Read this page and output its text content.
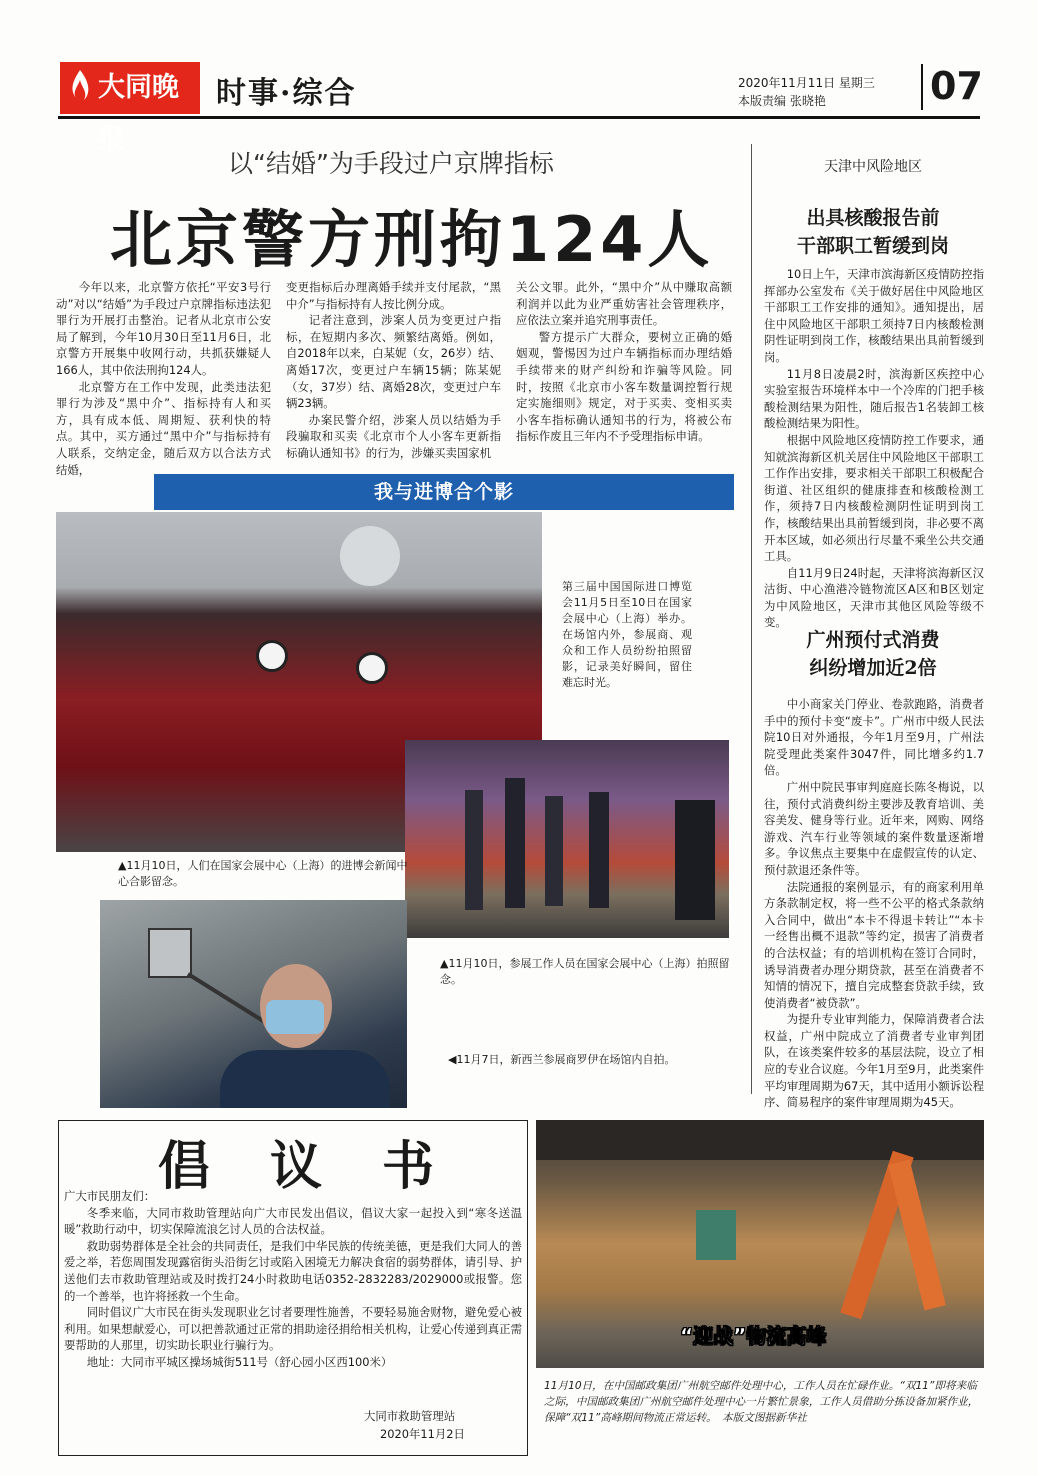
大同晚报
时事·综合	2020年11月11日 星期三
本版责编 张晓艳	07
以“结婚”为手段过户京牌指标
北京警方刑拘124人

今年以来，北京警方依托“平安3号行动”对以“结婚”为手段过户京牌指标违法犯罪行为开展打击整治。记者从北京市公安局了解到，今年10月30日至11月6日，北京警方开展集中收网行动，共抓获嫌疑人166人，其中依法刑拘124人。

北京警方在工作中发现，此类违法犯罪行为涉及“黑中介”、指标持有人和买方，具有成本低、周期短、获利快的特点。其中，买方通过“黑中介”与指标持有人联系，交纳定金，随后双方以合法方式结婚，

变更指标后办理离婚手续并支付尾款，“黑中介”与指标持有人按比例分成。

记者注意到，涉案人员为变更过户指标，在短期内多次、频繁结离婚。例如，自2018年以来，白某妮（女，26岁）结、离婚17次，变更过户车辆15辆；陈某妮（女，37岁）结、离婚28次，变更过户车辆23辆。

办案民警介绍，涉案人员以结婚为手段骗取和买卖《北京市个人小客车更新指标确认通知书》的行为，涉嫌买卖国家机

关公文罪。此外，“黑中介”从中赚取高额利润并以此为业严重妨害社会管理秩序，应依法立案并追究刑事责任。

警方提示广大群众，要树立正确的婚姻观，警惕因为过户车辆指标而办理结婚手续带来的财产纠纷和诈骗等风险。同时，按照《北京市小客车数量调控暂行规定实施细则》规定，对于买卖、变相买卖小客车指标确认通知书的行为，将被公布指标作废且三年内不予受理指标申请。

天津中风险地区
出具核酸报告前
干部职工暂缓到岗

10日上午，天津市滨海新区疫情防控指挥部办公室发布《关于做好居住中风险地区干部职工工作安排的通知》。通知提出，居住中风险地区干部职工须持7日内核酸检测阴性证明到岗工作，核酸结果出具前暂缓到岗。

11月8日凌晨2时，滨海新区疾控中心实验室报告环境样本中一个冷库的门把手核酸检测结果为阳性，随后报告1名装卸工核酸检测结果为阳性。

根据中风险地区疫情防控工作要求，通知就滨海新区机关居住中风险地区干部职工工作作出安排，要求相关干部职工积极配合街道、社区组织的健康排查和核酸检测工作，须持7日内核酸检测阴性证明到岗工作，核酸结果出具前暂缓到岗，非必要不离开本区域，如必须出行尽量不乘坐公共交通工具。

自11月9日24时起，天津将滨海新区汉沽街、中心渔港冷链物流区A区和B区划定为中风险地区，天津市其他区风险等级不变。

广州预付式消费
纠纷增加近2倍

中小商家关门停业、卷款跑路，消费者手中的预付卡变“废卡”。广州市中级人民法院10日对外通报，今年1月至9月，广州法院受理此类案件3047件，同比增多约1.7倍。

广州中院民事审判庭庭长陈冬梅说，以往，预付式消费纠纷主要涉及教育培训、美容美发、健身等行业。近年来，网购、网络游戏、汽车行业等领域的案件数量逐渐增多。争议焦点主要集中在虚假宣传的认定、预付款退还条件等。

法院通报的案例显示，有的商家利用单方条款制定权，将一些不公平的格式条款纳入合同中，做出“本卡不得退卡转让”“本卡一经售出概不退款”等约定，损害了消费者的合法权益；有的培训机构在签订合同时，诱导消费者办理分期贷款，甚至在消费者不知情的情况下，擅自完成整套贷款手续，致使消费者“被贷款”。

为提升专业审判能力，保障消费者合法权益，广州中院成立了消费者专业审判团队，在该类案件较多的基层法院，设立了相应的专业合议庭。今年1月至9月，此类案件平均审理周期为67天，其中适用小额诉讼程序、简易程序的案件审理周期为45天。

我与进博合个影
第三届中国国际进口博览会11月5日至10日在国家会展中心（上海）举办。在场馆内外，参展商、观众和工作人员纷纷拍照留影，记录美好瞬间，留住难忘时光。
▲11月10日，人们在国家会展中心（上海）的进博会新闻中心合影留念。
▲11月10日，参展工作人员在国家会展中心（上海）拍照留念。
◀11月7日，新西兰参展商罗伊在场馆内自拍。
倡议书

广大市民朋友们：

冬季来临，大同市救助管理站向广大市民发出倡议，倡议大家一起投入到“寒冬送温暖”救助行动中，切实保障流浪乞讨人员的合法权益。

救助弱势群体是全社会的共同责任，是我们中华民族的传统美德，更是我们大同人的善爱之举，若您周围发现露宿街头沿街乞讨或陷入困境无力解决食宿的弱势群体，请引导、护送他们去市救助管理站或及时拨打24小时救助电话0352-2832283/2029000或报警。您的一个善举，也许将拯救一个生命。

同时倡议广大市民在街头发现职业乞讨者要理性施善，不要轻易施舍财物，避免爱心被利用。如果想献爱心，可以把善款通过正常的捐助途径捐给相关机构，让爱心传递到真正需要帮助的人那里，切实助长职业行骗行为。

地址：大同市平城区操场城街511号（舒心园小区西100米）

大同市救助管理站
2020年11月2日
“迎战”物流高峰
11月10日，在中国邮政集团广州航空邮件处理中心，工作人员在忙碌作业。“双11”即将来临之际，中国邮政集团广州航空邮件处理中心一片繁忙景象，工作人员借助分拣设备加紧作业，保障“双11”高峰期间物流正常运转。　本版文图据新华社
